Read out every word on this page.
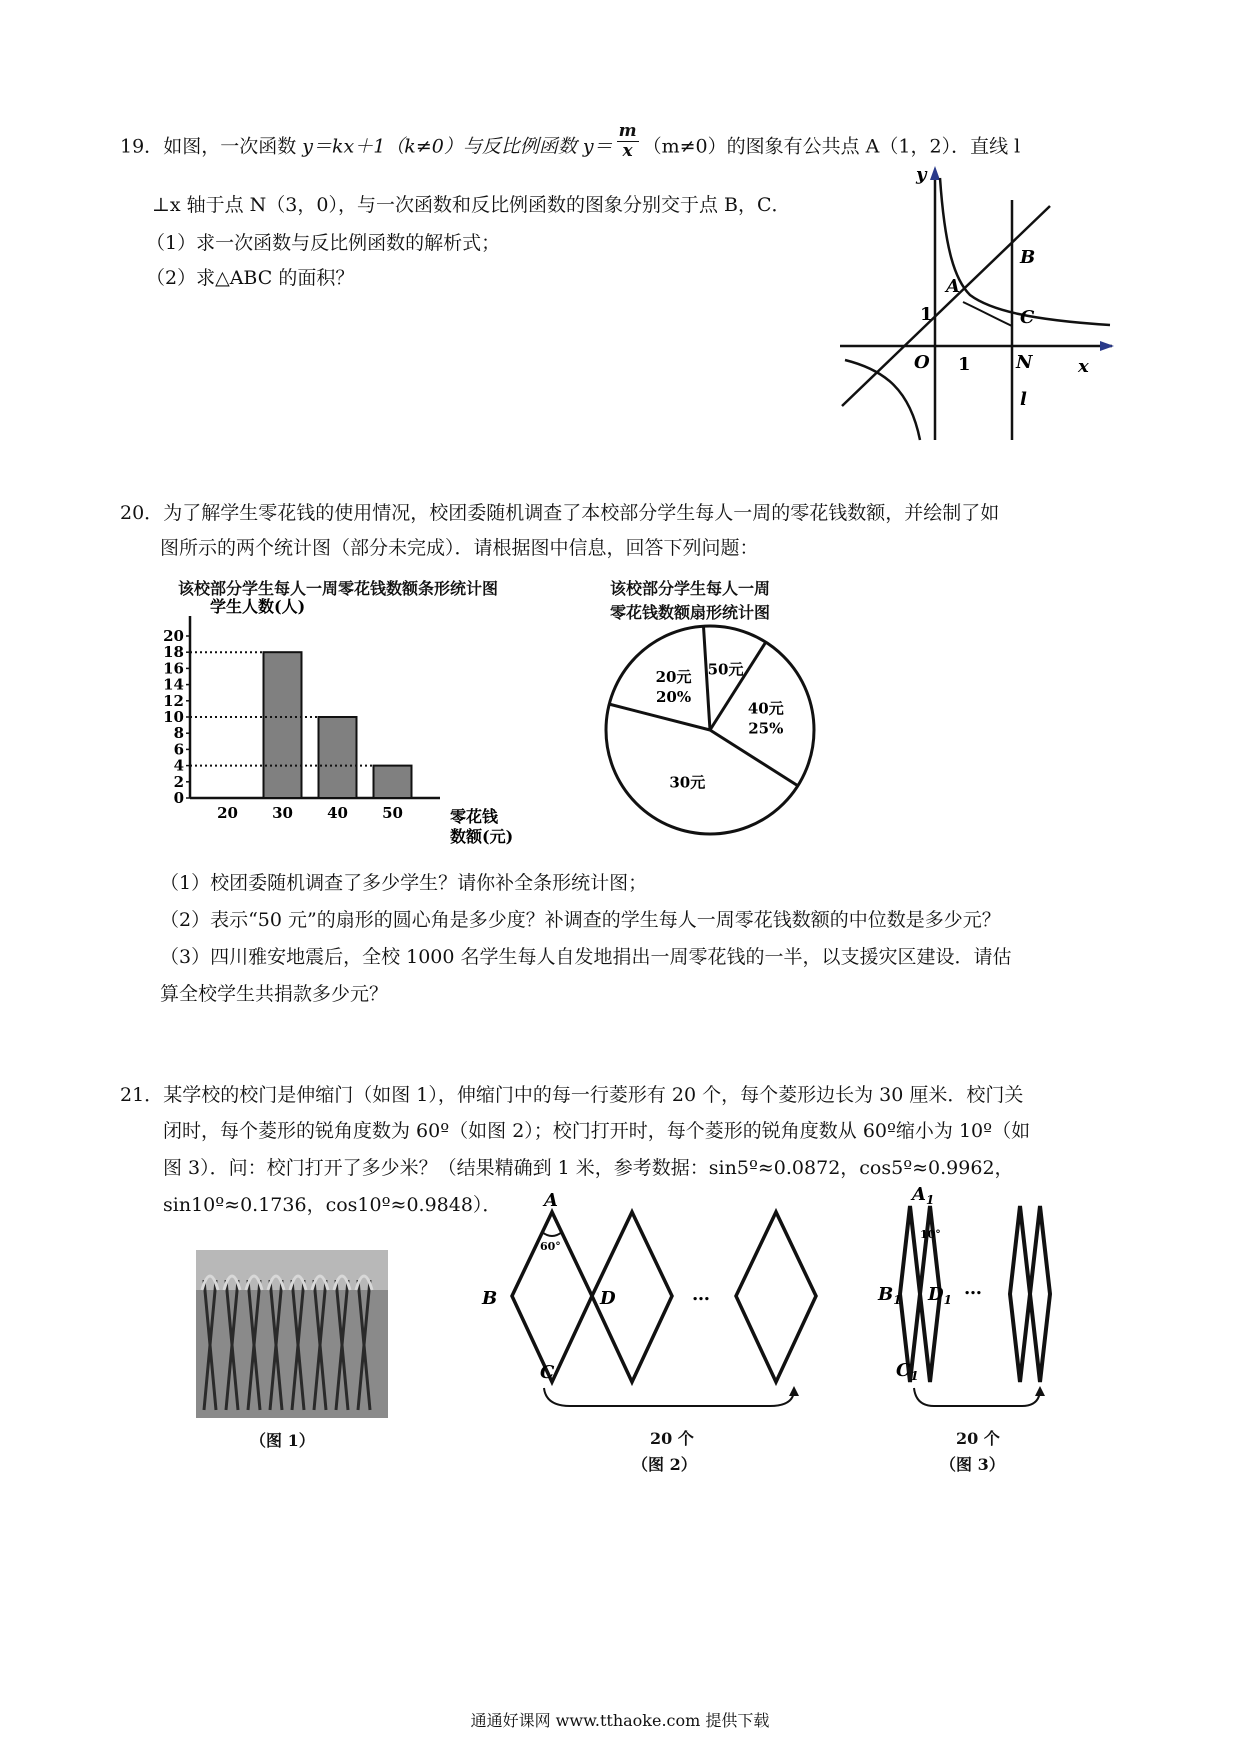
19．如图，一次函数 y＝kx＋1（k≠0）与反比例函数 $y= \frac{m}{x} (m\ne 0)$的图象有公共点 A（1，2）．直线 l
⊥x 轴于点 N（3，0），与一次函数和反比例函数的图象分别交于点 B，C．
（1）求一次函数与反比例函数的解析式；
（2）求△ABC 的面积？
y
x
A
B
C
N
O 1
1
l
20．为了解学生零花钱的使用情况，校团委随机调查了本校部分学生每人一周的零花钱数额，并绘制了如
图所示的两个统计图（部分未完成）．请根据图中信息，回答下列问题：
该校部分学生每人一周零花钱数额条形统计图
学生人数(人)
零花钱
数额(元)
0
2
4
6
8
10
12
14
16
18
20
20 30 40 50
该校部分学生每人一周
零花钱数额扇形统计图
20元
20%
50元
40元
25%
30元
（1）校团委随机调查了多少学生？请你补全条形统计图；
（2）表示“50 元”的扇形的圆心角是多少度？补调查的学生每人一周零花钱数额的中位数是多少元？
（3）四川雅安地震后，全校 1000 名学生每人自发地捐出一周零花钱的一半，以支援灾区建设．请估
算全校学生共捐款多少元？
21．某学校的校门是伸缩门（如图 1），伸缩门中的每一行菱形有 20 个，每个菱形边长为 30 厘米．校门关
闭时，每个菱形的锐角度数为 60º（如图 2）；校门打开时，每个菱形的锐角度数从 60º缩小为 10º（如
图 3）．问：校门打开了多少米？（结果精确到 1 米，参考数据：sin5º≈0.0872，cos5º≈0.9962，
sin10º≈0.1736，cos10º≈0.9848）．
（图 1）
A
B	D
C
60°
…
20 个
（图 2）
$A_1$
$B_1$ $D_1$
$C_1$
10°
…
20 个
（图 3）
通通好课网 www.tthaoke.com 提供下载
